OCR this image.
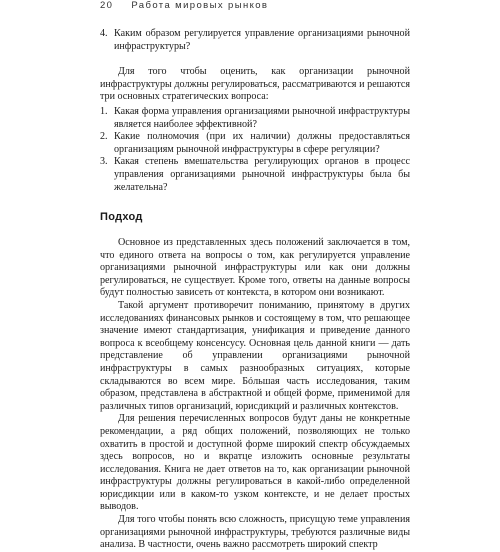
20 Работа мировых рынков

4. Каким образом регулируется управление организациями рыночной инфраструктуры?

Для того чтобы оценить, как организации рыночной инфраструктуры должны регулироваться, рассматриваются и решаются три основных стратегических вопроса:

1. Какая форма управления организациями рыночной инфраструктуры является наиболее эффективной?

2. Какие полномочия (при их наличии) должны предоставляться организациям рыночной инфраструктуры в сфере регуляции?

3. Какая степень вмешательства регулирующих органов в процесс управления организациями рыночной инфраструктуры была бы желательна?

Подход

Основное из представленных здесь положений заключается в том, что единого ответа на вопросы о том, как регулируется управление организациями рыночной инфраструктуры или как они должны регулироваться, не существует. Кроме того, ответы на данные вопросы будут полностью зависеть от контекста, в котором они возникают.

Такой аргумент противоречит пониманию, принятому в других исследованиях финансовых рынков и состоящему в том, что решающее значение имеют стандартизация, унификация и приведение данного вопроса к всеобщему консенсусу. Основная цель данной книги — дать представление об управлении организациями рыночной инфраструктуры в самых разнообразных ситуациях, которые складываются во всем мире. Бóльшая часть исследования, таким образом, представлена в абстрактной и общей форме, применимой для различных типов организаций, юрисдикций и различных контекстов.

Для решения перечисленных вопросов будут даны не конкретные рекомендации, а ряд общих положений, позволяющих не только охватить в простой и доступной форме широкий спектр обсуждаемых здесь вопросов, но и вкратце изложить основные результаты исследования. Книга не дает ответов на то, как организации рыночной инфраструктуры должны регулироваться в какой-либо определенной юрисдикции или в каком-то узком контексте, и не делает простых выводов.

Для того чтобы понять всю сложность, присущую теме управления организациями рыночной инфраструктуры, требуются различные виды анализа. В частности, очень важно рассмотреть широкий спектр
